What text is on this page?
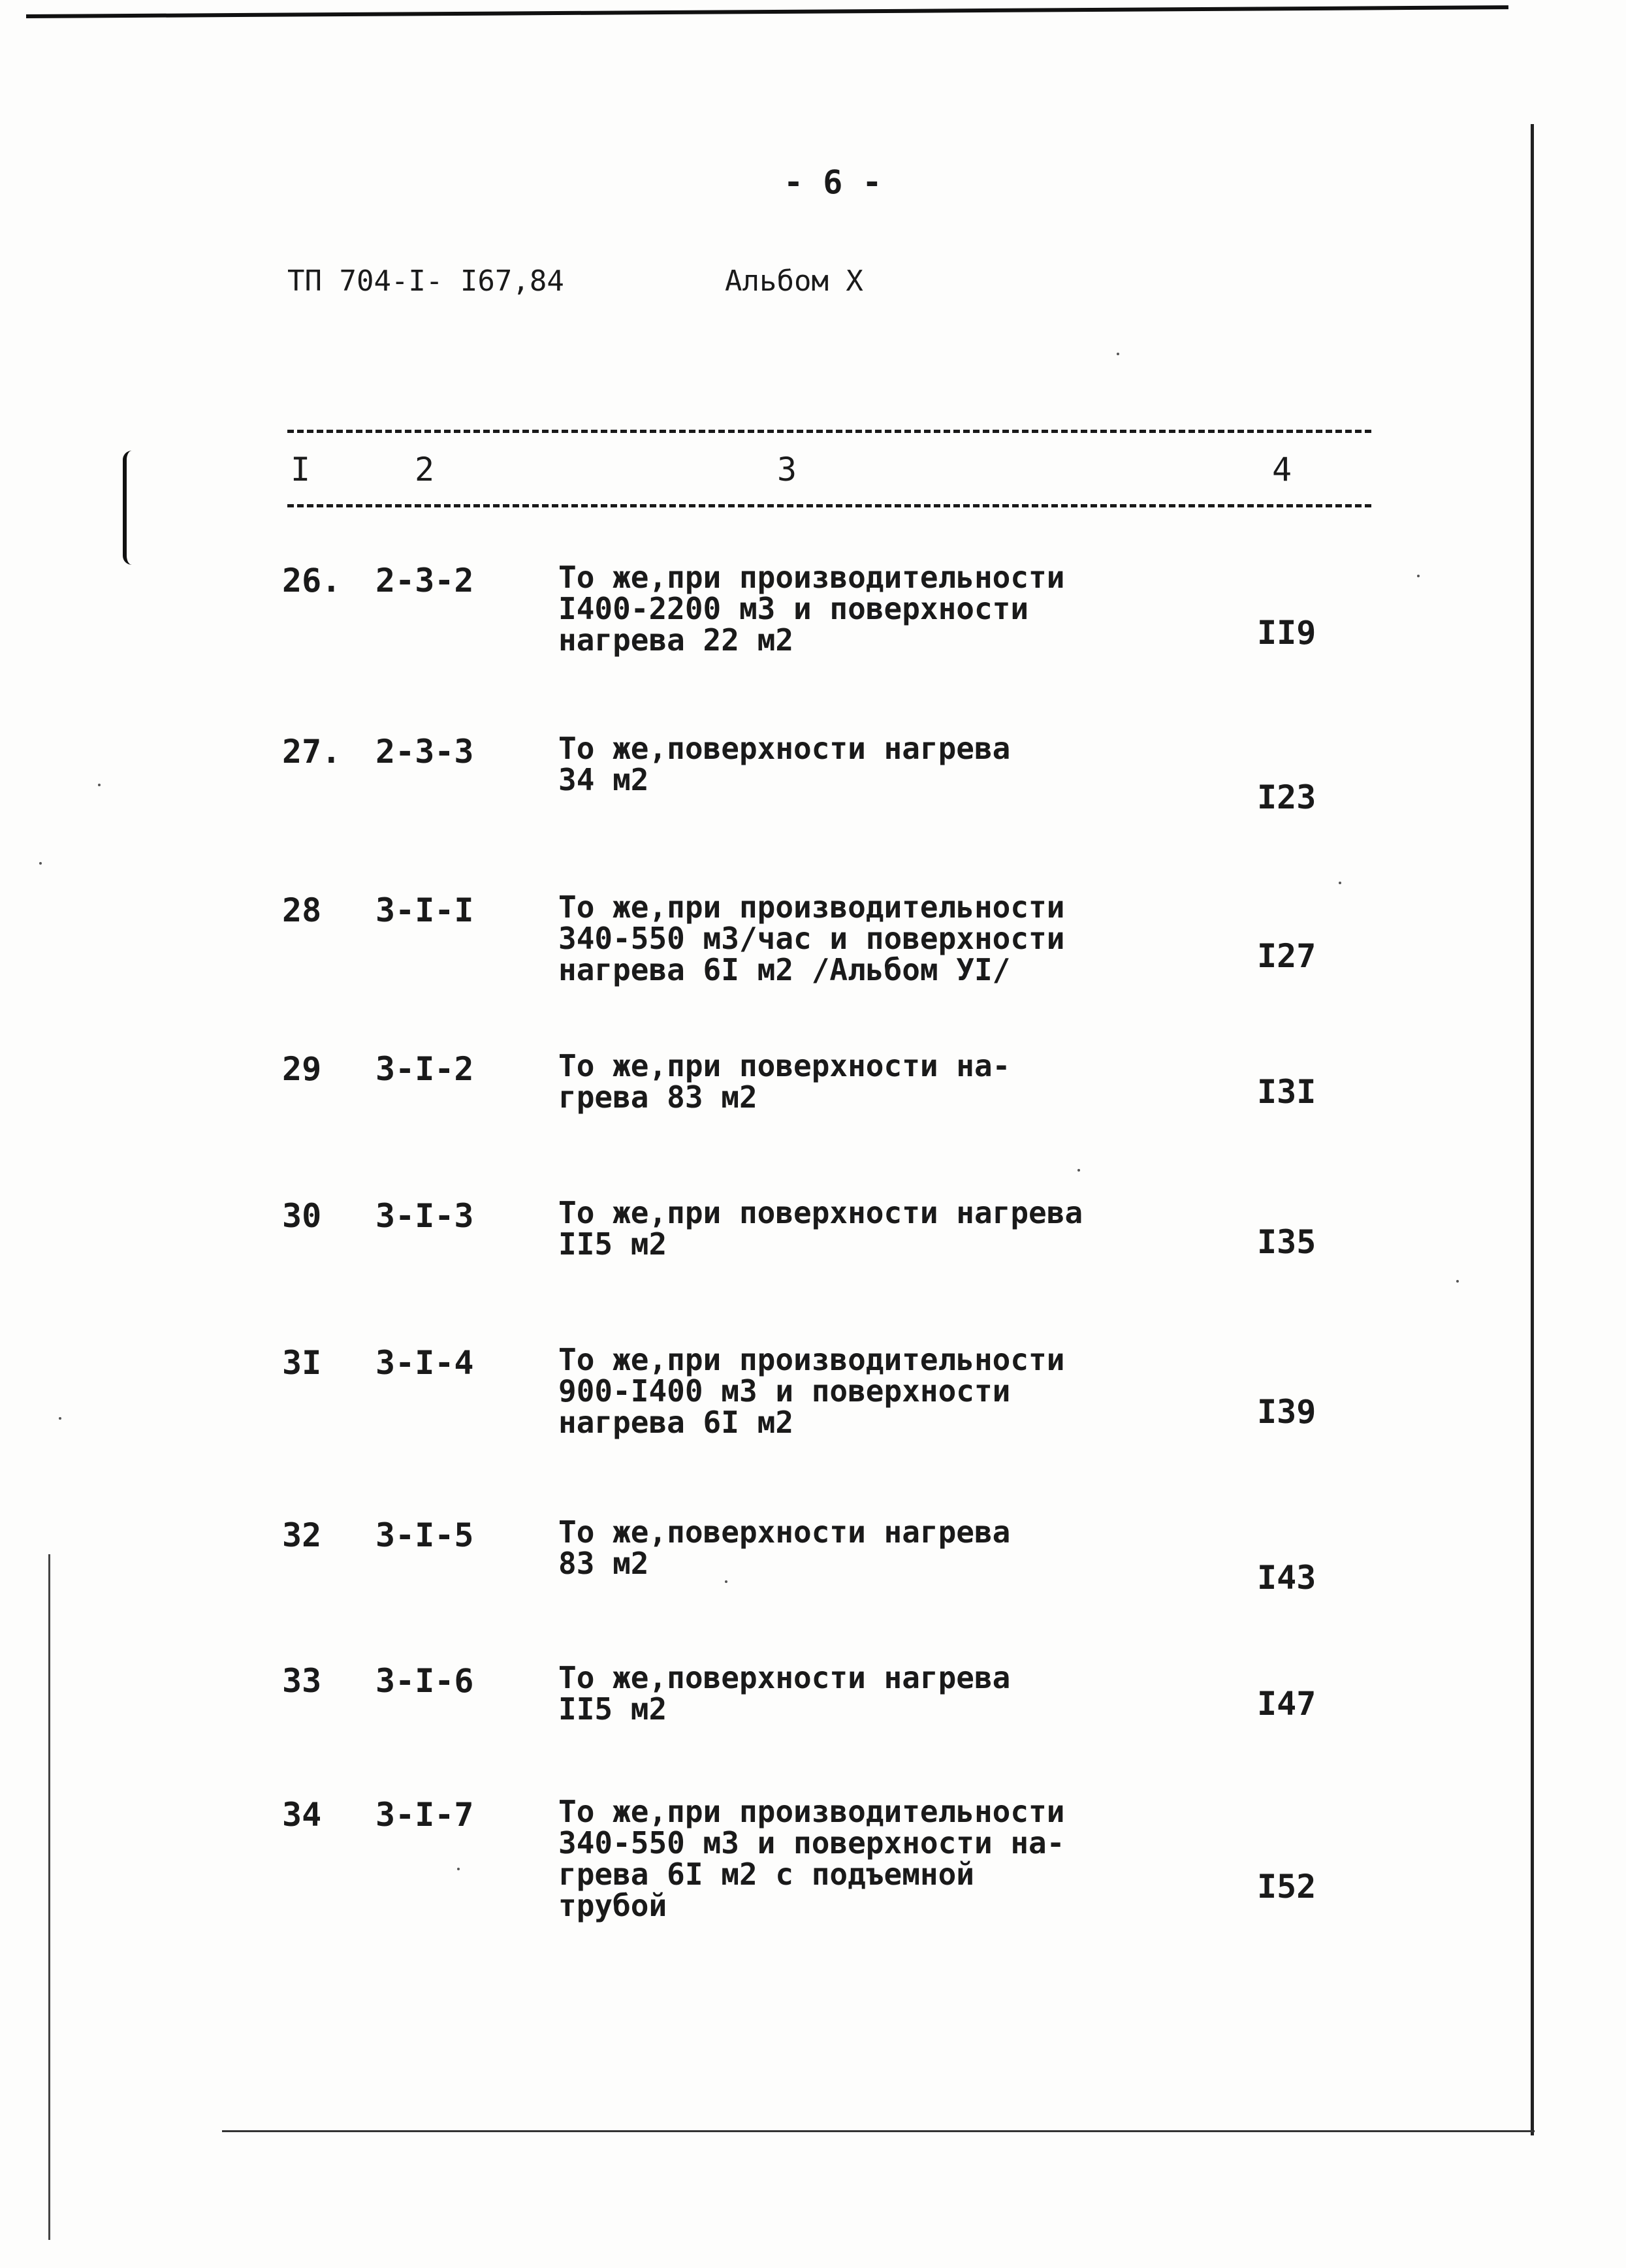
- 6 -
ТП 704-I- I67,84	Альбом X
I	2	3	4
26. 2-3-2	То же,при производительности
I400-2200 м3 и поверхности
нагрева 22 м2	II9
27. 2-3-3	То же,поверхности нагрева
34 м2	I23
28 3-I-I	То же,при производительности
340-550 м3/час и поверхности
нагрева 6I м2 /Альбом УI/	I27
29 3-I-2	То же,при поверхности на-
грева 83 м2	I3I
30 3-I-3	То же,при поверхности нагрева
II5 м2	I35
3I 3-I-4	То же,при производительности
900-I400 м3 и поверхности
нагрева 6I м2	I39
32 3-I-5	То же,поверхности нагрева
83 м2	I43
33 3-I-6	То же,поверхности нагрева
II5 м2	I47
34 3-I-7	То же,при производительности
340-550 м3 и поверхности на-
грева 6I м2 с подъемной
трубой	I52
